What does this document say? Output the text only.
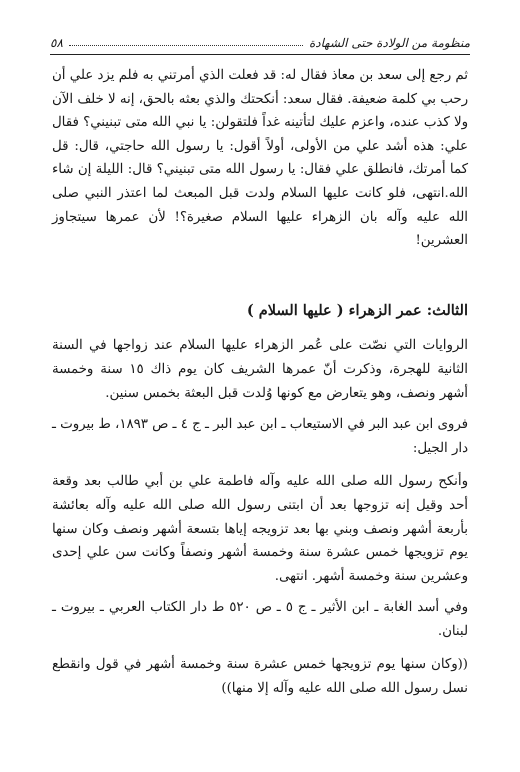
منظومة من الولادة حتى الشهادة
٥٨

ثم رجع إلى سعد بن معاذ فقال له: قد فعلت الذي أمرتني به فلم يزد علي أن رحب بي كلمة ضعيفة. فقال سعد: أنكحتك والذي بعثه بالحق، إنه لا خلف الآن ولا كذب عنده، واعزم عليك لتأتينه غداً فلتقولن: يا نبي الله متى تبنيني؟ فقال علي: هذه أشد علي من الأولى، أولاً أقول: يا رسول الله حاجتي، قال: قل كما أمرتك، فانطلق علي فقال: يا رسول الله متى تبنيني؟ قال: الليلة إن شاء الله.انتهى، فلو كانت عليها السلام ولدت قبل المبعث لما اعتذر النبي صلى الله عليه وآله بان الزهراء عليها السلام صغيرة؟! لأن عمرها سيتجاوز العشرين!

الثالث: عمر الزهراء ( عليها السلام )

الروايات التي نصّت على عُمر الزهراء عليها السلام عند زواجها في السنة الثانية للهجرة، وذكرت أنّ عمرها الشريف كان يوم ذاك ١٥ سنة وخمسة أشهر ونصف، وهو يتعارض مع كونها وُلدت قبل البعثة بخمس سنين.

فروى ابن عبد البر في الاستيعاب ـ ابن عبد البر ـ ج ٤ ـ ص ١٨٩٣، ط بيروت ـ دار الجيل:

وأنكح رسول الله صلى الله عليه وآله فاطمة علي بن أبي طالب بعد وقعة أحد وقيل إنه تزوجها بعد أن ابتنى رسول الله صلى الله عليه وآله بعائشة بأربعة أشهر ونصف وبني بها بعد تزويجه إياها بتسعة أشهر ونصف وكان سنها يوم تزويجها خمس عشرة سنة وخمسة أشهر ونصفاً وكانت سن علي إحدى وعشرين سنة وخمسة أشهر. انتهى.

وفي أسد الغابة ـ ابن الأثير ـ ج ٥ ـ ص ٥٢٠ ط دار الكتاب العربي ـ بيروت ـ لبنان.

((وكان سنها يوم تزويجها خمس عشرة سنة وخمسة أشهر في قول وانقطع نسل رسول الله صلى الله عليه وآله إلا منها))
